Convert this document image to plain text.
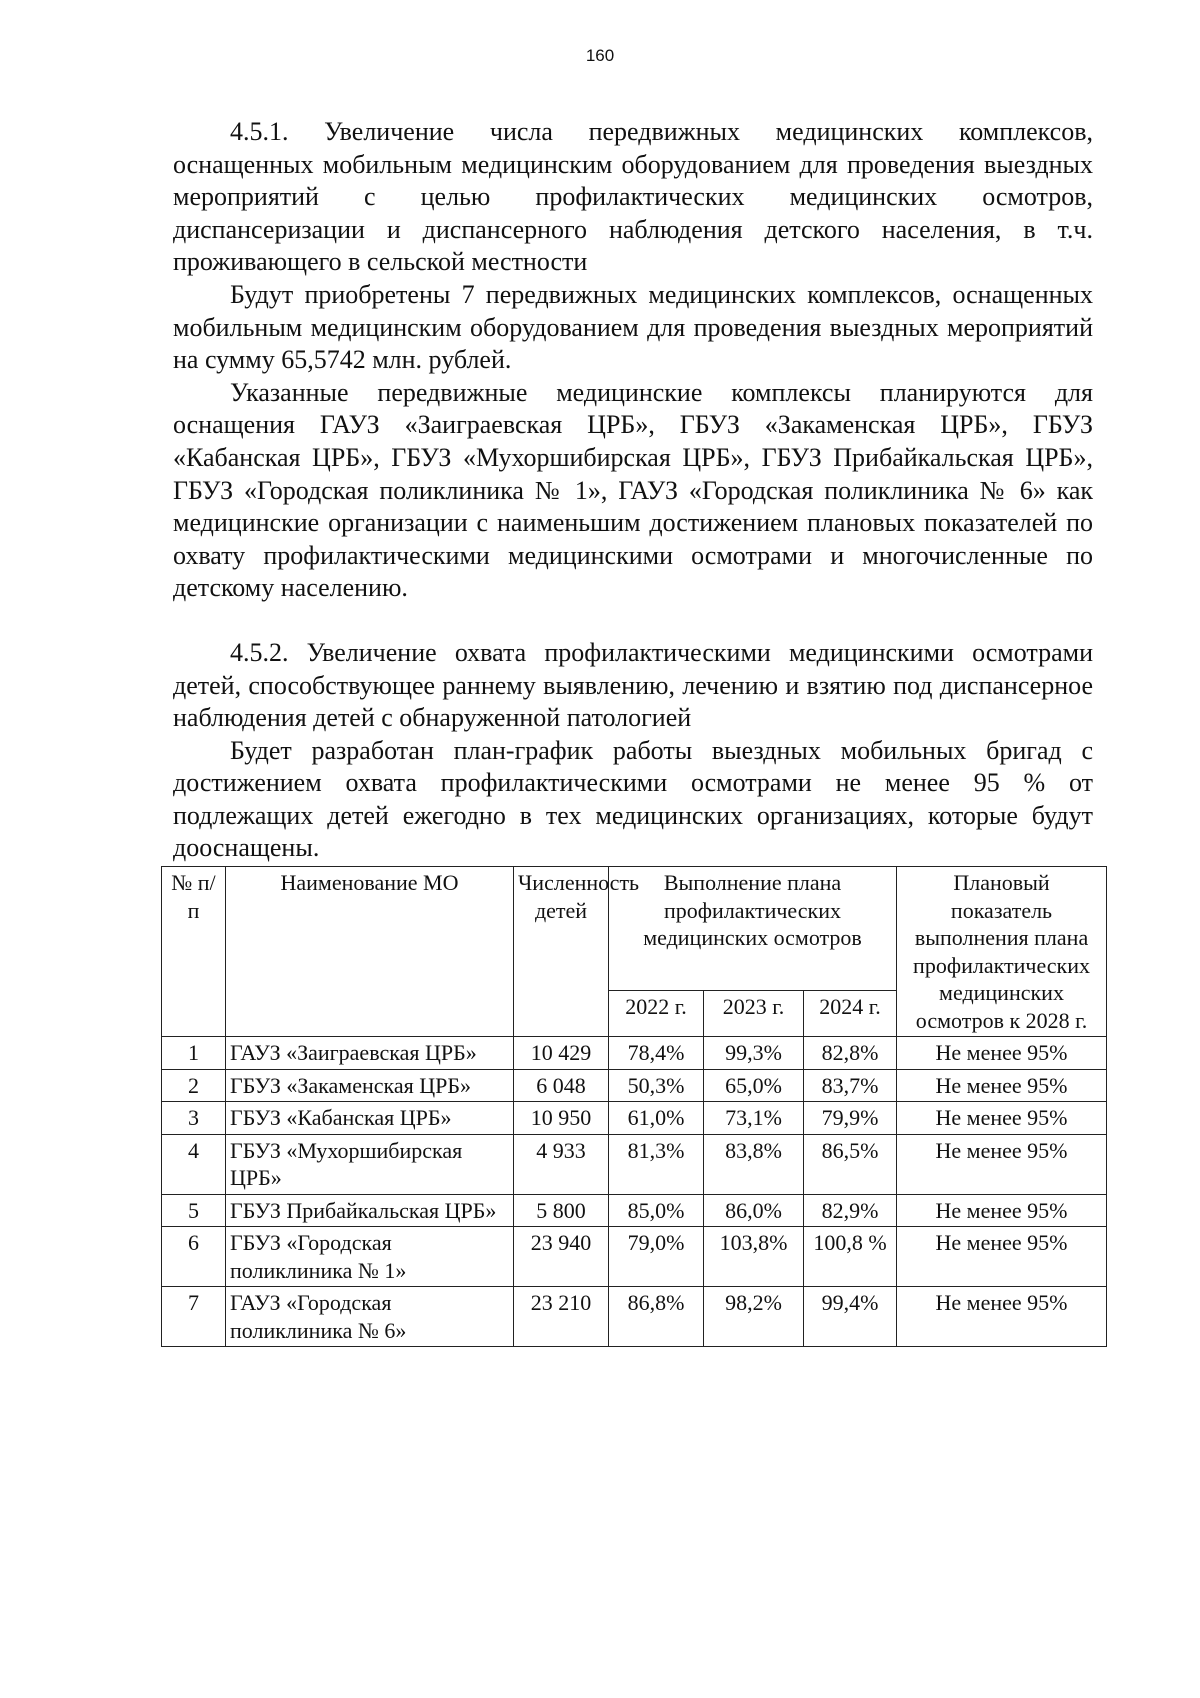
160

4.5.1. Увеличение числа передвижных медицинских комплексов, оснащенных мобильным медицинским оборудованием для проведения выездных мероприятий с целью профилактических медицинских осмотров, диспансеризации и диспансерного наблюдения детского населения, в т.ч. проживающего в сельской местности

Будут приобретены 7 передвижных медицинских комплексов, оснащенных мобильным медицинским оборудованием для проведения выездных мероприятий на сумму 65,5742 млн. рублей.

Указанные передвижные медицинские комплексы планируются для оснащения ГАУЗ «Заиграевская ЦРБ», ГБУЗ «Закаменская ЦРБ», ГБУЗ «Кабанская ЦРБ», ГБУЗ «Мухоршибирская ЦРБ», ГБУЗ Прибайкальская ЦРБ», ГБУЗ «Городская поликлиника № 1», ГАУЗ «Городская поликлиника № 6» как медицинские организации с наименьшим достижением плановых показателей по охвату профилактическими медицинскими осмотрами и многочисленные по детскому населению.

4.5.2. Увеличение охвата профилактическими медицинскими осмотрами детей, способствующее раннему выявлению, лечению и взятию под диспансерное наблюдения детей с обнаруженной патологией

Будет разработан план-график работы выездных мобильных бригад с достижением охвата профилактическими осмотрами не менее 95 % от подлежащих детей ежегодно в тех медицинских организациях, которые будут дооснащены.

№ п/п	Наименование МО	Численность детей	Выполнение плана профилактических медицинских осмотров			Плановый показатель выполнения плана профилактических медицинских осмотров к 2028 г.
			2022 г.	2023 г.	2024 г.	
1	ГАУЗ «Заиграевская ЦРБ»	10 429	78,4%	99,3%	82,8%	Не менее 95%
2	ГБУЗ «Закаменская ЦРБ»	6 048	50,3%	65,0%	83,7%	Не менее 95%
3	ГБУЗ «Кабанская ЦРБ»	10 950	61,0%	73,1%	79,9%	Не менее 95%
4	ГБУЗ «Мухоршибирская ЦРБ»	4 933	81,3%	83,8%	86,5%	Не менее 95%
5	ГБУЗ Прибайкальская ЦРБ»	5 800	85,0%	86,0%	82,9%	Не менее 95%
6	ГБУЗ «Городская поликлиника № 1»	23 940	79,0%	103,8%	100,8 %	Не менее 95%
7	ГАУЗ «Городская поликлиника № 6»	23 210	86,8%	98,2%	99,4%	Не менее 95%
